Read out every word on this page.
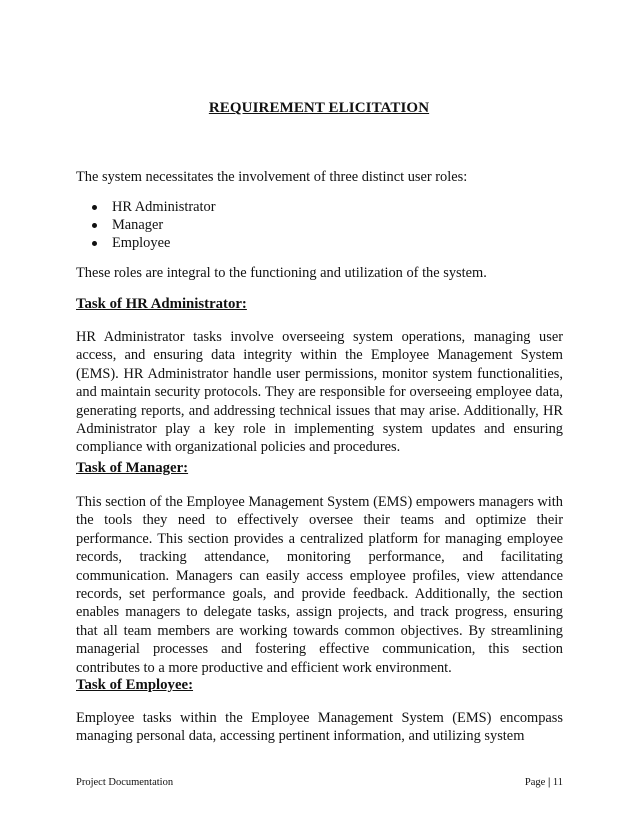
REQUIREMENT ELICITATION

The system necessitates the involvement of three distinct user roles:

HR Administrator
Manager
Employee

These roles are integral to the functioning and utilization of the system.

Task of HR Administrator:

HR Administrator tasks involve overseeing system operations, managing user access, and ensuring data integrity within the Employee Management System (EMS). HR Administrator handle user permissions, monitor system functionalities, and maintain security protocols. They are responsible for overseeing employee data, generating reports, and addressing technical issues that may arise. Additionally, HR Administrator play a key role in implementing system updates and ensuring compliance with organizational policies and procedures.

Task of Manager:

This section of the Employee Management System (EMS) empowers managers with the tools they need to effectively oversee their teams and optimize their performance. This section provides a centralized platform for managing employee records, tracking attendance, monitoring performance, and facilitating communication. Managers can easily access employee profiles, view attendance records, set performance goals, and provide feedback. Additionally, the section enables managers to delegate tasks, assign projects, and track progress, ensuring that all team members are working towards common objectives. By streamlining managerial processes and fostering effective communication, this section contributes to a more productive and efficient work environment.

Task of Employee:

Employee tasks within the Employee Management System (EMS) encompass managing personal data, accessing pertinent information, and utilizing system

Project Documentation	Page | 11
